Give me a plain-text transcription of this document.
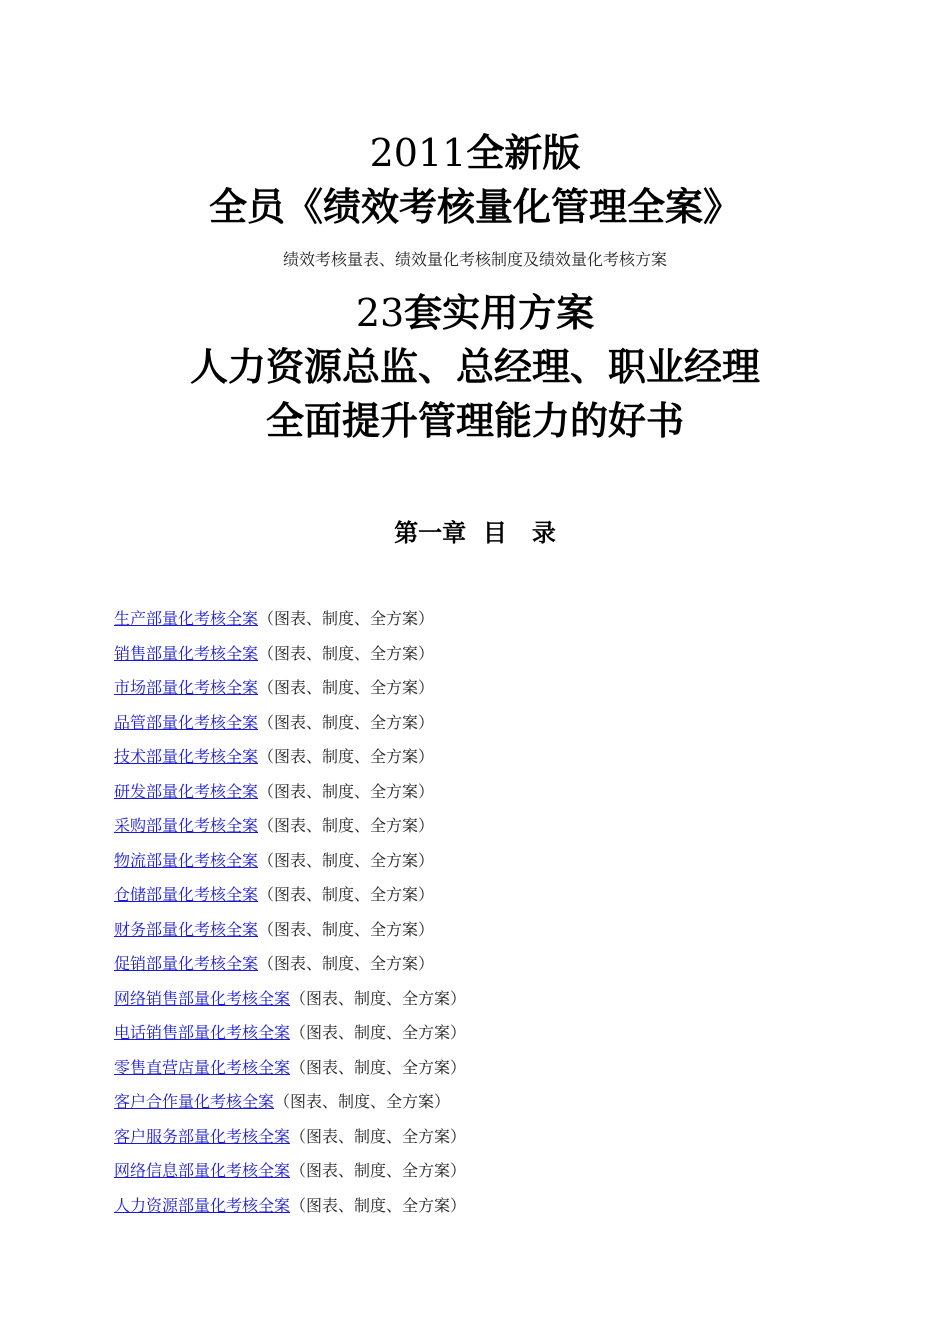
2011全新版
全员《绩效考核量化管理全案》
绩效考核量表、绩效量化考核制度及绩效量化考核方案
23套实用方案
人力资源总监、总经理、职业经理
全面提升管理能力的好书
第一章  目   录
生产部量化考核全案（图表、制度、全方案）
销售部量化考核全案（图表、制度、全方案）
市场部量化考核全案（图表、制度、全方案）
品管部量化考核全案（图表、制度、全方案）
技术部量化考核全案（图表、制度、全方案）
研发部量化考核全案（图表、制度、全方案）
采购部量化考核全案（图表、制度、全方案）
物流部量化考核全案（图表、制度、全方案）
仓储部量化考核全案（图表、制度、全方案）
财务部量化考核全案（图表、制度、全方案）
促销部量化考核全案（图表、制度、全方案）
网络销售部量化考核全案（图表、制度、全方案）
电话销售部量化考核全案（图表、制度、全方案）
零售直营店量化考核全案（图表、制度、全方案）
客户合作量化考核全案（图表、制度、全方案）
客户服务部量化考核全案（图表、制度、全方案）
网络信息部量化考核全案（图表、制度、全方案）
人力资源部量化考核全案（图表、制度、全方案）
